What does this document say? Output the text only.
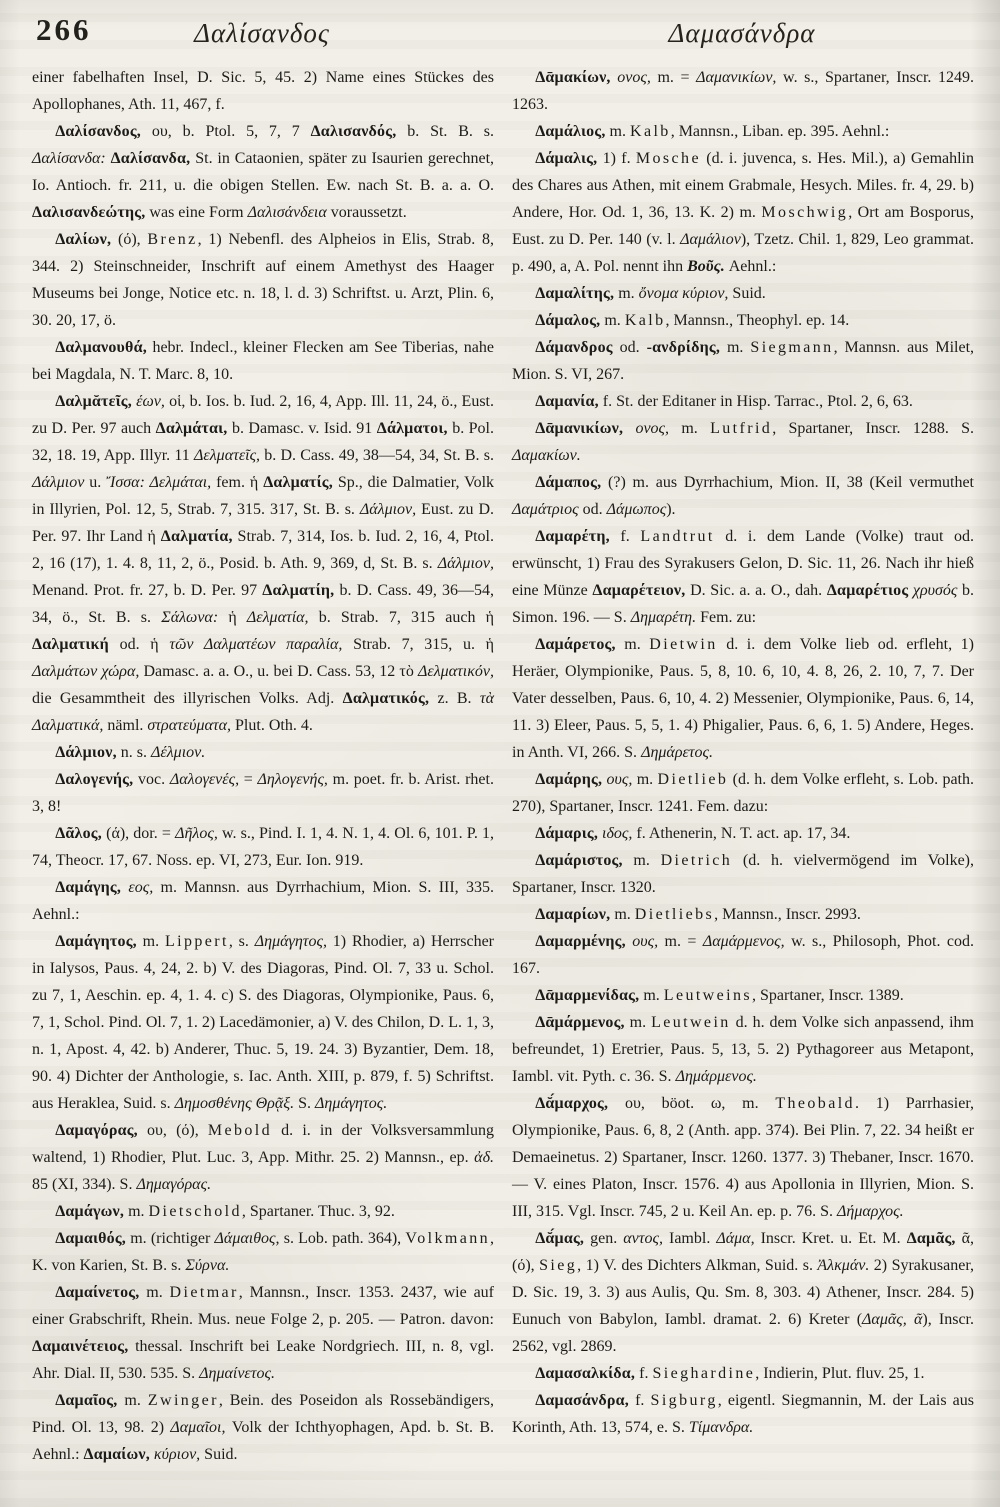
266	Δαλίσανδος	Δαμασάνδρα

einer fabelhaften Insel, D. Sic. 5, 45. 2) Name eines Stückes des Apollophanes, Ath. 11, 467, f.

Δαλίσανδος, ου, b. Ptol. 5, 7, 7 Δαλισανδός, b. St. B. s. Δαλίσανδα: Δαλίσανδα, St. in Cataonien, später zu Isaurien gerechnet, Io. Antioch. fr. 211, u. die obigen Stellen. Ew. nach St. B. a. a. O. Δαλισανδεώτης, was eine Form Δαλισάνδεια voraussetzt.

Δαλίων, (ό), Brenz, 1) Nebenfl. des Alpheios in Elis, Strab. 8, 344. 2) Steinschneider, Inschrift auf einem Amethyst des Haager Museums bei Jonge, Notice etc. n. 18, l. d. 3) Schriftst. u. Arzt, Plin. 6, 30. 20, 17, ö.

Δαλμανουθά, hebr. Indecl., kleiner Flecken am See Tiberias, nahe bei Magdala, N. T. Marc. 8, 10.

Δαλμᾰτεῖς, έων, οἱ, b. Ios. b. Iud. 2, 16, 4, App. Ill. 11, 24, ö., Eust. zu D. Per. 97 auch Δαλμάται, b. Damasc. v. Isid. 91 Δάλματοι, b. Pol. 32, 18. 19, App. Illyr. 11 Δελματεῖς, b. D. Cass. 49, 38—54, 34, St. B. s. Δάλμιον u. Ἴσσα: Δελμάται, fem. ἡ Δαλματίς, Sp., die Dalmatier, Volk in Illyrien, Pol. 12, 5, Strab. 7, 315. 317, St. B. s. Δάλμιον, Eust. zu D. Per. 97. Ihr Land ἡ Δαλματία, Strab. 7, 314, Ios. b. Iud. 2, 16, 4, Ptol. 2, 16 (17), 1. 4. 8, 11, 2, ö., Posid. b. Ath. 9, 369, d, St. B. s. Δάλμιον, Menand. Prot. fr. 27, b. D. Per. 97 Δαλματίη, b. D. Cass. 49, 36—54, 34, ö., St. B. s. Σάλωνα: ἡ Δελματία, b. Strab. 7, 315 auch ἡ Δαλματική od. ἡ τῶν Δαλματέων παραλία, Strab. 7, 315, u. ἡ Δαλμάτων χώρα, Damasc. a. a. O., u. bei D. Cass. 53, 12 τὸ Δελματικόν, die Gesammtheit des illyrischen Volks. Adj. Δαλματικός, z. B. τὰ Δαλματικά, näml. στρατεύματα, Plut. Oth. 4.

Δάλμιον, n. s. Δέλμιον.

Δαλογενής, voc. Δαλογενές, = Δηλογενής, m. poet. fr. b. Arist. rhet. 3, 8!

Δᾶλος, (ά), dor. = Δῆλος, w. s., Pind. I. 1, 4. N. 1, 4. Ol. 6, 101. P. 1, 74, Theocr. 17, 67. Noss. ep. VI, 273, Eur. Ion. 919.

Δαμάγης, εος, m. Mannsn. aus Dyrrhachium, Mion. S. III, 335. Aehnl.:

Δαμάγητος, m. Lippert, s. Δημάγητος, 1) Rhodier, a) Herrscher in Ialysos, Paus. 4, 24, 2. b) V. des Diagoras, Pind. Ol. 7, 33 u. Schol. zu 7, 1, Aeschin. ep. 4, 1. 4. c) S. des Diagoras, Olympionike, Paus. 6, 7, 1, Schol. Pind. Ol. 7, 1. 2) Lacedämonier, a) V. des Chilon, D. L. 1, 3, n. 1, Apost. 4, 42. b) Anderer, Thuc. 5, 19. 24. 3) Byzantier, Dem. 18, 90. 4) Dichter der Anthologie, s. Iac. Anth. XIII, p. 879, f. 5) Schriftst. aus Heraklea, Suid. s. Δημοσθένης Θρᾷξ. S. Δημάγητος.

Δαμαγόρας, ου, (ό), Mebold d. i. in der Volksversammlung waltend, 1) Rhodier, Plut. Luc. 3, App. Mithr. 25. 2) Mannsn., ep. ἀδ. 85 (XI, 334). S. Δημαγόρας.

Δαμάγων, m. Dietschold, Spartaner. Thuc. 3, 92.

Δαμαιθός, m. (richtiger Δάμαιθος, s. Lob. path. 364), Volkmann, K. von Karien, St. B. s. Σύρνα.

Δαμαίνετος, m. Dietmar, Mannsn., Inscr. 1353. 2437, wie auf einer Grabschrift, Rhein. Mus. neue Folge 2, p. 205. — Patron. davon: Δαμαινέτειος, thessal. Inschrift bei Leake Nordgriech. III, n. 8, vgl. Ahr. Dial. II, 530. 535. S. Δημαίνετος.

Δαμαῖος, m. Zwinger, Bein. des Poseidon als Rossebändigers, Pind. Ol. 13, 98. 2) Δαμαῖοι, Volk der Ichthyophagen, Apd. b. St. B. Aehnl.: Δαμαίων, κύριον, Suid.

Δᾱμακίων, ονος, m. = Δαμανικίων, w. s., Spartaner, Inscr. 1249. 1263.

Δαμάλιος, m. Kalb, Mannsn., Liban. ep. 395. Aehnl.:

Δάμαλις, 1) f. Mosche (d. i. juvenca, s. Hes. Mil.), a) Gemahlin des Chares aus Athen, mit einem Grabmale, Hesych. Miles. fr. 4, 29. b) Andere, Hor. Od. 1, 36, 13. K. 2) m. Moschwig, Ort am Bosporus, Eust. zu D. Per. 140 (v. l. Δαμάλιον), Tzetz. Chil. 1, 829, Leo grammat. p. 490, a, A. Pol. nennt ihn Βοῦς. Aehnl.:

Δαμαλίτης, m. ὄνομα κύριον, Suid.

Δάμαλος, m. Kalb, Mannsn., Theophyl. ep. 14.

Δάμανδρος od. -ανδρίδης, m. Siegmann, Mannsn. aus Milet, Mion. S. VI, 267.

Δαμανία, f. St. der Editaner in Hisp. Tarrac., Ptol. 2, 6, 63.

Δᾱμανικίων, ονος, m. Lutfrid, Spartaner, Inscr. 1288. S. Δαμακίων.

Δάμαπος, (?) m. aus Dyrrhachium, Mion. II, 38 (Keil vermuthet Δαμάτριος od. Δάμωπος).

Δαμαρέτη, f. Landtrut d. i. dem Lande (Volke) traut od. erwünscht, 1) Frau des Syrakusers Gelon, D. Sic. 11, 26. Nach ihr hieß eine Münze Δαμαρέτειον, D. Sic. a. a. O., dah. Δαμαρέτιος χρυσός b. Simon. 196. — S. Δημαρέτη. Fem. zu:

Δαμάρετος, m. Dietwin d. i. dem Volke lieb od. erfleht, 1) Heräer, Olympionike, Paus. 5, 8, 10. 6, 10, 4. 8, 26, 2. 10, 7, 7. Der Vater desselben, Paus. 6, 10, 4. 2) Messenier, Olympionike, Paus. 6, 14, 11. 3) Eleer, Paus. 5, 5, 1. 4) Phigalier, Paus. 6, 6, 1. 5) Andere, Heges. in Anth. VI, 266. S. Δημάρετος.

Δαμάρης, ους, m. Dietlieb (d. h. dem Volke erfleht, s. Lob. path. 270), Spartaner, Inscr. 1241. Fem. dazu:

Δάμαρις, ιδος, f. Athenerin, N. T. act. ap. 17, 34.

Δαμάριστος, m. Dietrich (d. h. vielvermögend im Volke), Spartaner, Inscr. 1320.

Δαμαρίων, m. Dietliebs, Mannsn., Inscr. 2993.

Δαμαρμένης, ους, m. = Δαμάρμενος, w. s., Philosoph, Phot. cod. 167.

Δᾱμαρμενίδας, m. Leutweins, Spartaner, Inscr. 1389.

Δᾱμάρμενος, m. Leutwein d. h. dem Volke sich anpassend, ihm befreundet, 1) Eretrier, Paus. 5, 13, 5. 2) Pythagoreer aus Metapont, Iambl. vit. Pyth. c. 36. S. Δημάρμενος.

Δᾰ́μαρχος, ου, böot. ω, m. Theobald. 1) Parrhasier, Olympionike, Paus. 6, 8, 2 (Anth. app. 374). Bei Plin. 7, 22. 34 heißt er Demaeinetus. 2) Spartaner, Inscr. 1260. 1377. 3) Thebaner, Inscr. 1670. — V. eines Platon, Inscr. 1576. 4) aus Apollonia in Illyrien, Mion. S. III, 315. Vgl. Inscr. 745, 2 u. Keil An. ep. p. 76. S. Δήμαρχος.

Δᾰ́μας, gen. αντος, Iambl. Δάμα, Inscr. Kret. u. Et. M. Δαμᾶς, ᾶ, (ό), Sieg, 1) V. des Dichters Alkman, Suid. s. Ἀλκμάν. 2) Syrakusaner, D. Sic. 19, 3. 3) aus Aulis, Qu. Sm. 8, 303. 4) Athener, Inscr. 284. 5) Eunuch von Babylon, Iambl. dramat. 2. 6) Kreter (Δαμᾶς, ᾶ), Inscr. 2562, vgl. 2869.

Δαμασαλκίδα, f. Sieghardine, Indierin, Plut. fluv. 25, 1.

Δαμασάνδρα, f. Sigburg, eigentl. Siegmannin, M. der Lais aus Korinth, Ath. 13, 574, e. S. Τίμανδρα.
